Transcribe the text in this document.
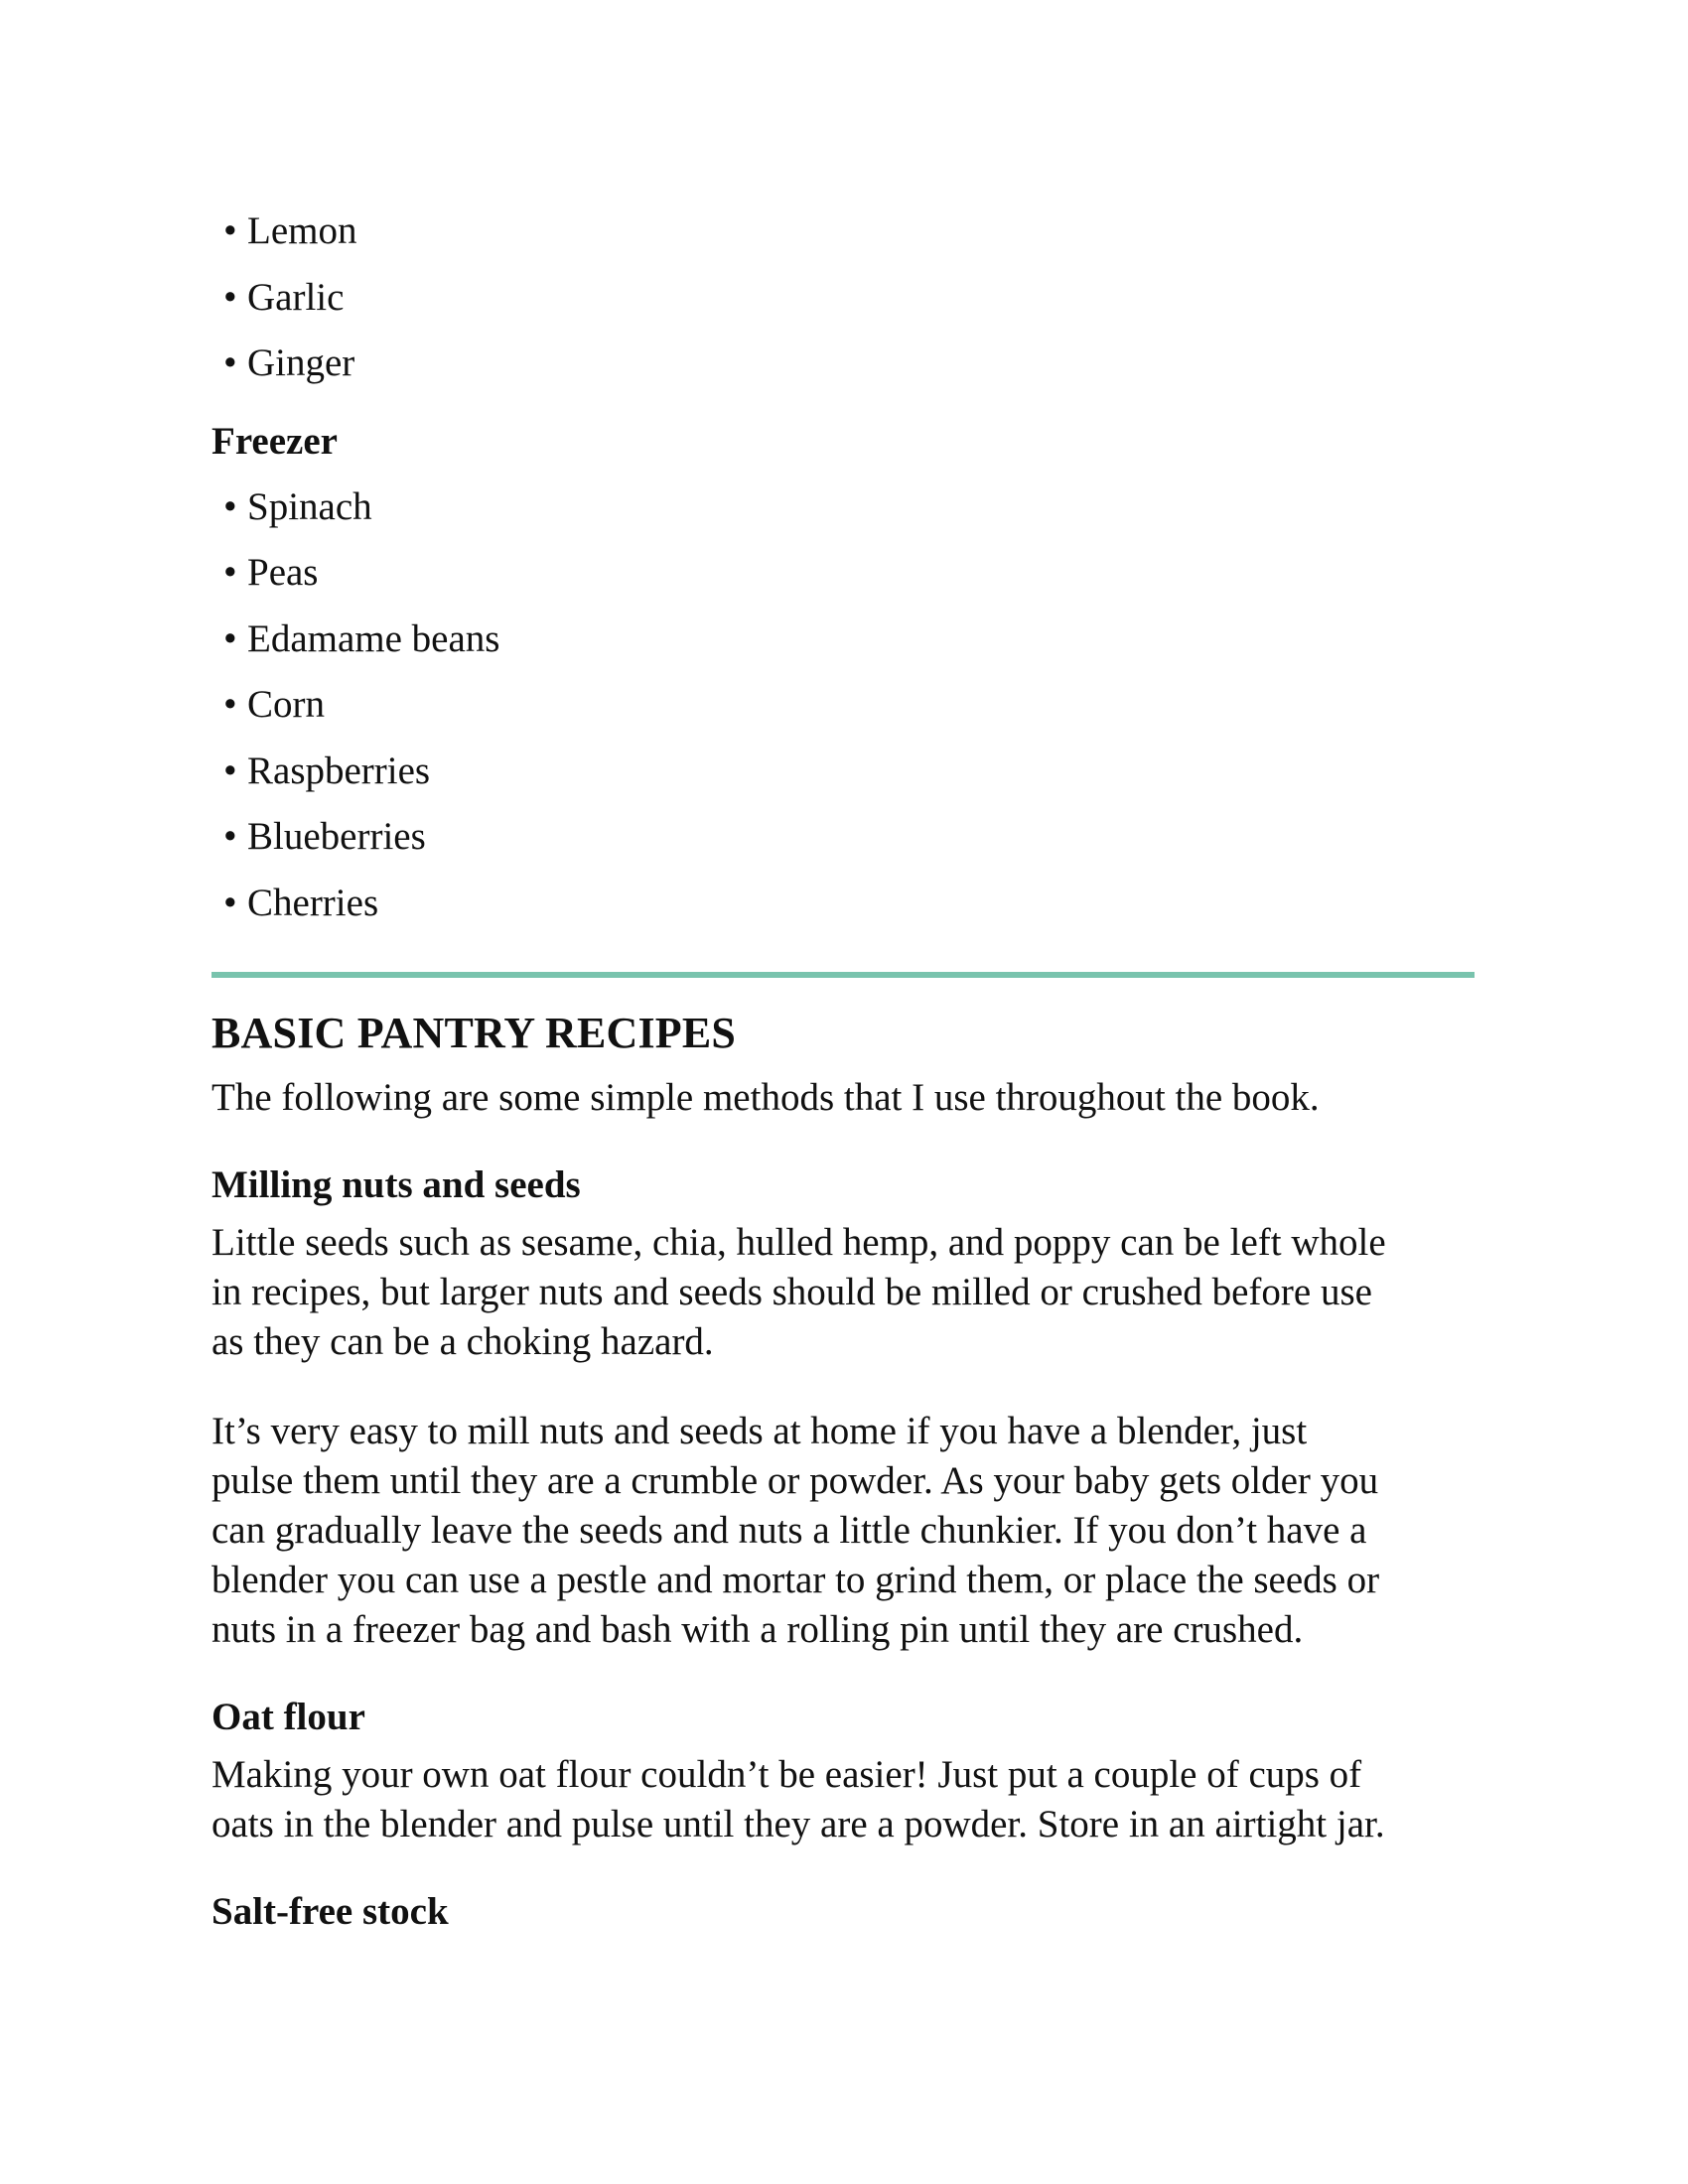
• Lemon
• Garlic
• Ginger
Freezer
• Spinach
• Peas
• Edamame beans
• Corn
• Raspberries
• Blueberries
• Cherries
BASIC PANTRY RECIPES

The following are some simple methods that I use throughout the book.

Milling nuts and seeds

Little seeds such as sesame, chia, hulled hemp, and poppy can be left whole
in recipes, but larger nuts and seeds should be milled or crushed before use
as they can be a choking hazard.

It’s very easy to mill nuts and seeds at home if you have a blender, just
pulse them until they are a crumble or powder. As your baby gets older you
can gradually leave the seeds and nuts a little chunkier. If you don’t have a
blender you can use a pestle and mortar to grind them, or place the seeds or
nuts in a freezer bag and bash with a rolling pin until they are crushed.

Oat flour

Making your own oat flour couldn’t be easier! Just put a couple of cups of
oats in the blender and pulse until they are a powder. Store in an airtight jar.

Salt-free stock
